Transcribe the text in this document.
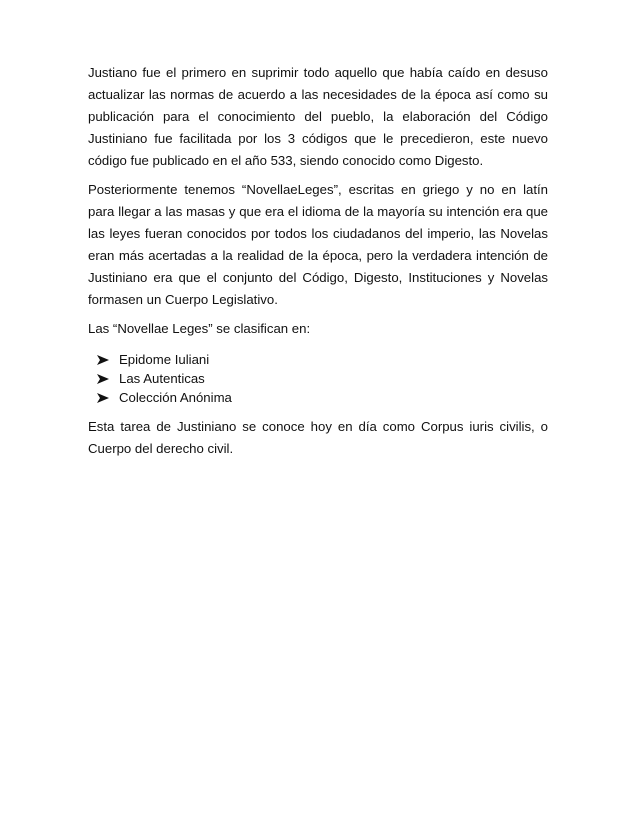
Justiano fue el primero en suprimir todo aquello que había caído en desuso actualizar las normas de acuerdo a las necesidades de la época así como su publicación para el conocimiento del pueblo, la elaboración del Código Justiniano fue facilitada por los 3 códigos que le precedieron, este nuevo código fue publicado en el año 533, siendo conocido como Digesto.

Posteriormente tenemos “NovellaeLeges”, escritas en griego y no en latín para llegar a las masas y que era el idioma de la mayoría su intención era que las leyes fueran conocidos por todos los ciudadanos del imperio, las Novelas eran más acertadas a la realidad de la época, pero la verdadera intención de Justiniano era que el conjunto del Código, Digesto, Instituciones y Novelas formasen un Cuerpo Legislativo.

Las “Novellae Leges” se clasifican en:

Epidome Iuliani
Las Autenticas
Colección Anónima

Esta tarea de Justiniano se conoce hoy en día como Corpus iuris civilis, o Cuerpo del derecho civil.
